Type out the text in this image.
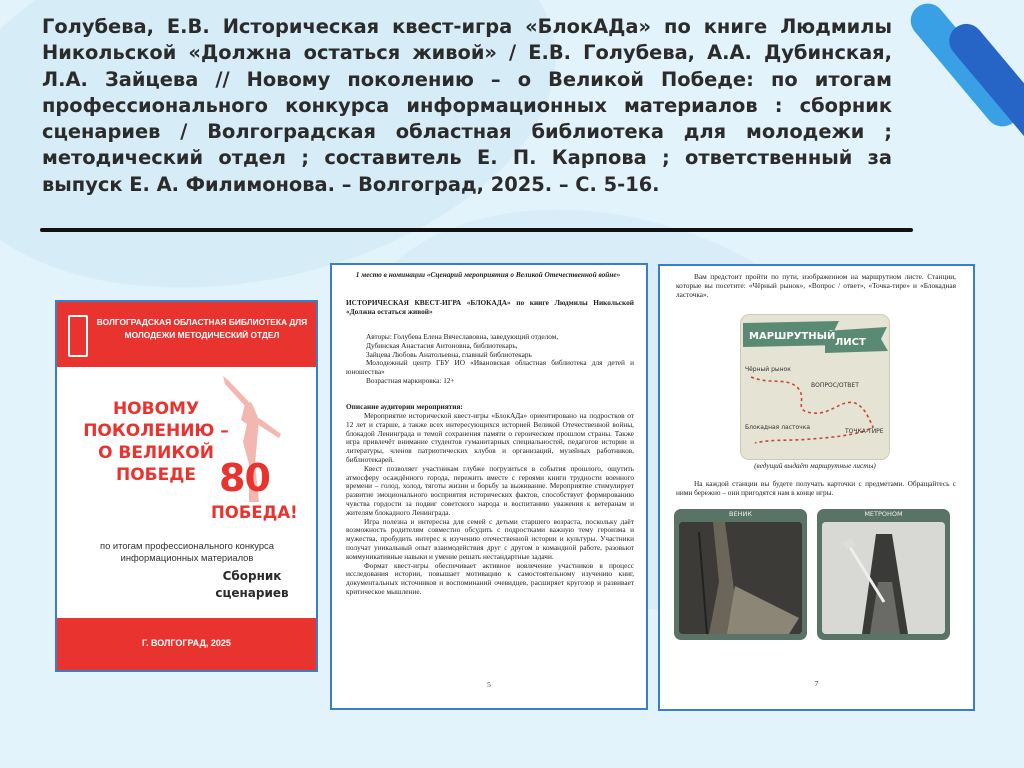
Голубева, Е.В. Историческая квест-игра «БлокАДа» по книге Людмилы Никольской «Должна остаться живой» / Е.В. Голубева, А.А. Дубинская, Л.А. Зайцева // Новому поколению – о Великой Победе: по итогам профессионального конкурса информационных материалов : сборник сценариев / Волгоградская областная библиотека для молодежи ; методический отдел ; составитель Е. П. Карпова ; ответственный за выпуск Е. А. Филимонова. – Волгоград, 2025. – С. 5-16.

ВОЛГОГРАДСКАЯ ОБЛАСТНАЯ БИБЛИОТЕКА ДЛЯ МОЛОДЕЖИ МЕТОДИЧЕСКИЙ ОТДЕЛ

НОВОМУ
ПОКОЛЕНИЮ –
О ВЕЛИКОЙ
ПОБЕДЕ 80
ПОБЕДА!

по итогам профессионального конкурса информационных материалов

Сборник
сценариев

Г. ВОЛГОГРАД, 2025

1 место в номинации «Сценарий мероприятия о Великой Отечественной войне»

ИСТОРИЧЕСКАЯ КВЕСТ-ИГРА «БЛОКАДА» по книге Людмилы Никольской «Должна остаться живой»

Авторы: Голубева Елена Вячеславовна, заведующий отделом,

Дубинская Анастасия Антоновна, библиотекарь,

Зайцева Любовь Анатольевна, главный библиотекарь

Молодежный центр ГБУ ИО «Ивановская областная библиотека для детей и юношества»

Возрастная маркировка: 12+

Описание аудитории мероприятия:

Мероприятие исторической квест-игры «БлокАДа» ориентировано на подростков от 12 лет и старше, а также всех интересующихся историей Великой Отечественной войны, блокадой Ленинграда и темой сохранения памяти о героическом прошлом страны. Также игра привлечёт внимание студентов гуманитарных специальностей, педагогов истории и литературы, членов патриотических клубов и организаций, музейных работников, библиотекарей.

Квест позволяет участникам глубже погрузиться в события прошлого, ощутить атмосферу осаждённого города, пережить вместе с героями книги трудности военного времени – голод, холод, тяготы жизни и борьбу за выживание. Мероприятие стимулирует развитие эмоционального восприятия исторических фактов, способствует формированию чувства гордости за подвиг советского народа и воспитанию уважения к ветеранам и жителям блокадного Ленинграда.

Игра полезна и интересна для семей с детьми старшего возраста, поскольку даёт возможность родителям совместно обсудить с подростками важную тему героизма и мужества, пробудить интерес к изучению отечественной истории и культуры. Участники получат уникальный опыт взаимодействия друг с другом в командной работе, разовьют коммуникативные навыки и умение решать нестандартные задачи.

Формат квест-игры обеспечивает активное вовлечение участников в процесс исследования истории, повышает мотивацию к самостоятельному изучению книг, документальных источников и воспоминаний очевидцев, расширяет кругозор и развивает критическое мышление.

5

Вам предстоит пройти по пути, изображенном на маршрутном листе. Станции, которые вы посетите: «Чёрный рынок», «Вопрос / ответ», «Точка-тире» и «Блокадная ласточка».

МАРШРУТНЫЙ
ЛИСТ
Чёрный рынок
ВОПРОС/ОТВЕТ
ТОЧКА-ТИРЕ
Блокадная ласточка

(ведущий выдаёт маршрутные листы)

На каждой станции вы будете получать карточки с предметами. Обращайтесь с ними бережно – они пригодятся нам в конце игры.

ВЕНИК	МЕТРОНОМ
7
